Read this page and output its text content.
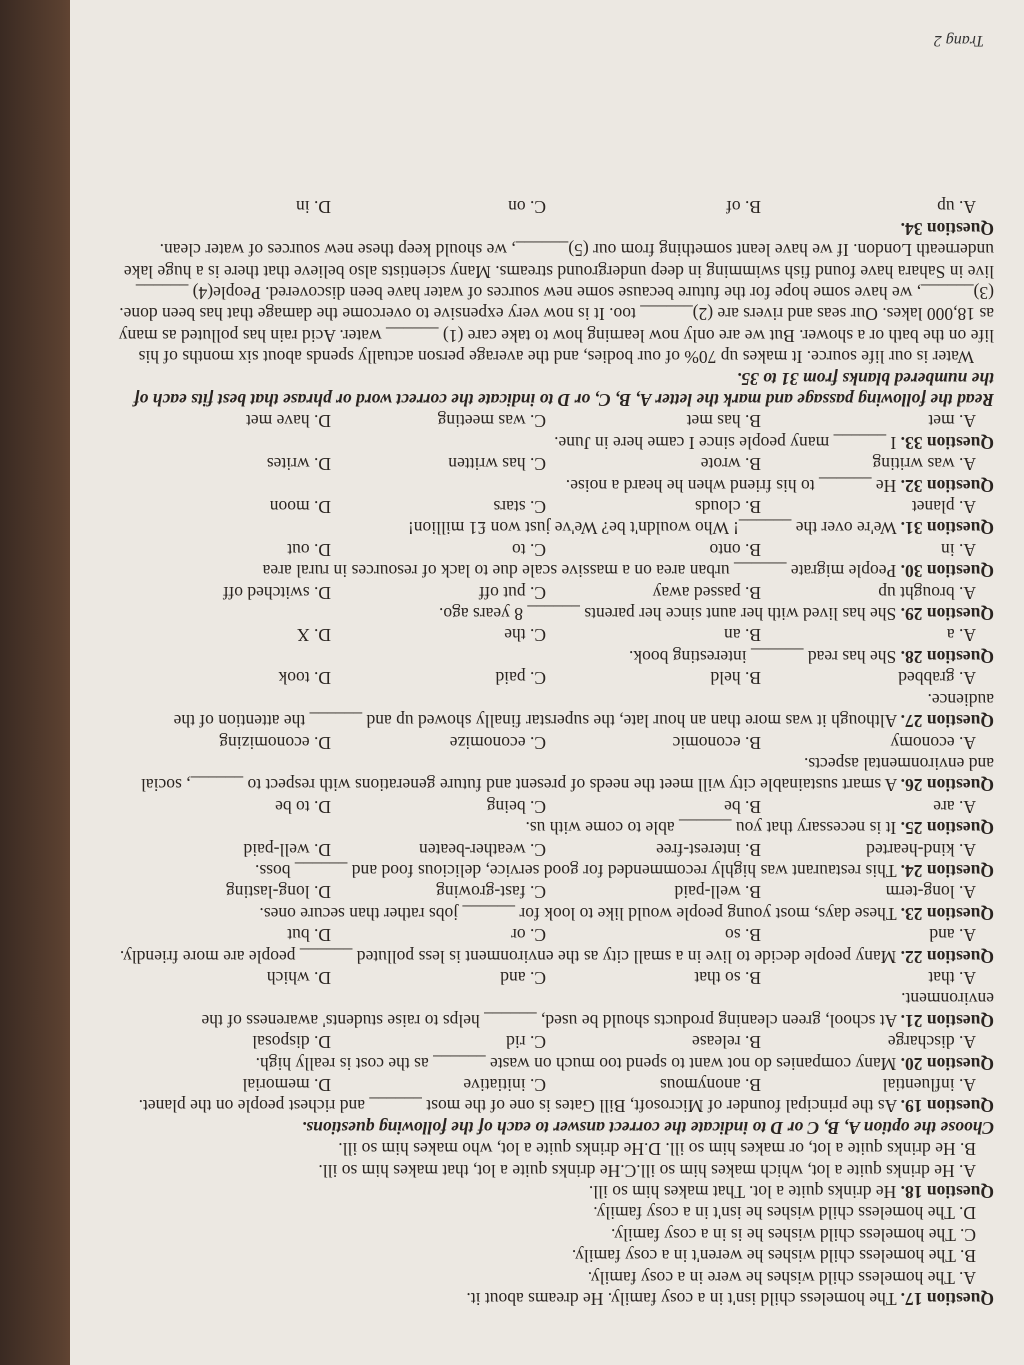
Question 17. The homeless child isn't in a cosy family. He dreams about it.
A. The homeless child wishes he were in a cosy family.
B. The homeless child wishes he weren't in a cosy family.
C. The homeless child wishes he is in a cosy family.
D. The homeless child wishes he isn't in a cosy family.
Question 18. He drinks quite a lot. That makes him so ill.
A. He drinks quite a lot, which makes him so ill.C.He drinks quite a lot, that makes him so ill.
B. He drinks quite a lot, or makes him so ill. D.He drinks quite a lot, who makes him so ill.
Choose the option A, B, C or D to indicate the correct answer to each of the following questions.
Question 19. As the principal founder of Microsoft, Bill Gates is one of the most ______ and richest people on the planet.
A. influential
B. anonymous
C. initiative
D. memorial
Question 20. Many companies do not want to spend too much on waste ______ as the cost is really high.
A. discharge
B. release
C. rid
D. disposal
Question 21. At school, green cleaning products should be used, ______ helps to raise students' awareness of the environment.
A. that
B. so that
C. and
D. which
Question 22. Many people decide to live in a small city as the environment is less polluted ______ people are more friendly.
A. and
B. so
C. or
D. but
Question 23. These days, most young people would like to look for ______ jobs rather than secure ones.
A. long-term
B. well-paid
C. fast-growing
D. long-lasting
Question 24. This restaurant was highly recommended for good service, delicious food and ______ boss.
A. kind-hearted
B. interest-free
C. weather-beaten
D. well-paid
Question 25. It is necessary that you ______ able to come with us.
A. are
B. be
C. being
D. to be
Question 26. A smart sustainable city will meet the needs of present and future generations with respect to ______, social and environmental aspects.
A. economy
B. economic
C. economize
D. economizing
Question 27. Although it was more than an hour late, the superstar finally showed up and ______ the attention of the audience.
A. grabbed
B. held
C. paid
D. took
Question 28. She has read ______ interesting book.
A. a
B. an
C. the
D. X
Question 29. She has lived with her aunt since her parents ______ 8 years ago.
A. brought up
B. passed away
C. put off
D. switched off
Question 30. People migrate ______ urban area on a massive scale due to lack of resources in rural area
A. in
B. onto
C. to
D. out
Question 31. We're over the ______! Who wouldn't be? We've just won £1 million!
A. planet
B. clouds
C. stars
D. moon
Question 32. He ______ to his friend when he heard a noise.
A. was writing
B. wrote
C. has written
D. writes
Question 33. I ______ many people since I came here in June.
A. met
B. has met
C. was meeting
D. have met
Read the following passage and mark the letter A, B, C, or D to indicate the correct word or phrase that best fits each of the numbered blanks from 31 to 35.
Water is our life source. It makes up 70% of our bodies, and the average person actually spends about six months of his life on the bath or a shower. But we are only now learning how to take care (1) ______ water. Acid rain has polluted as many as 18,000 lakes. Our seas and rivers are (2)______ too. It is now very expensive to overcome the damage that has been done. (3)______, we have some hope for the future because some new sources of water have been discovered. People(4) ______ live in Sahara have found fish swimming in deep underground streams. Many scientists also believe that there is a huge lake underneath London. If we have leant something from our (5)______, we should keep these new sources of water clean.
Question 34.
A. up
B. of
C. on
D. in
Trang 2
